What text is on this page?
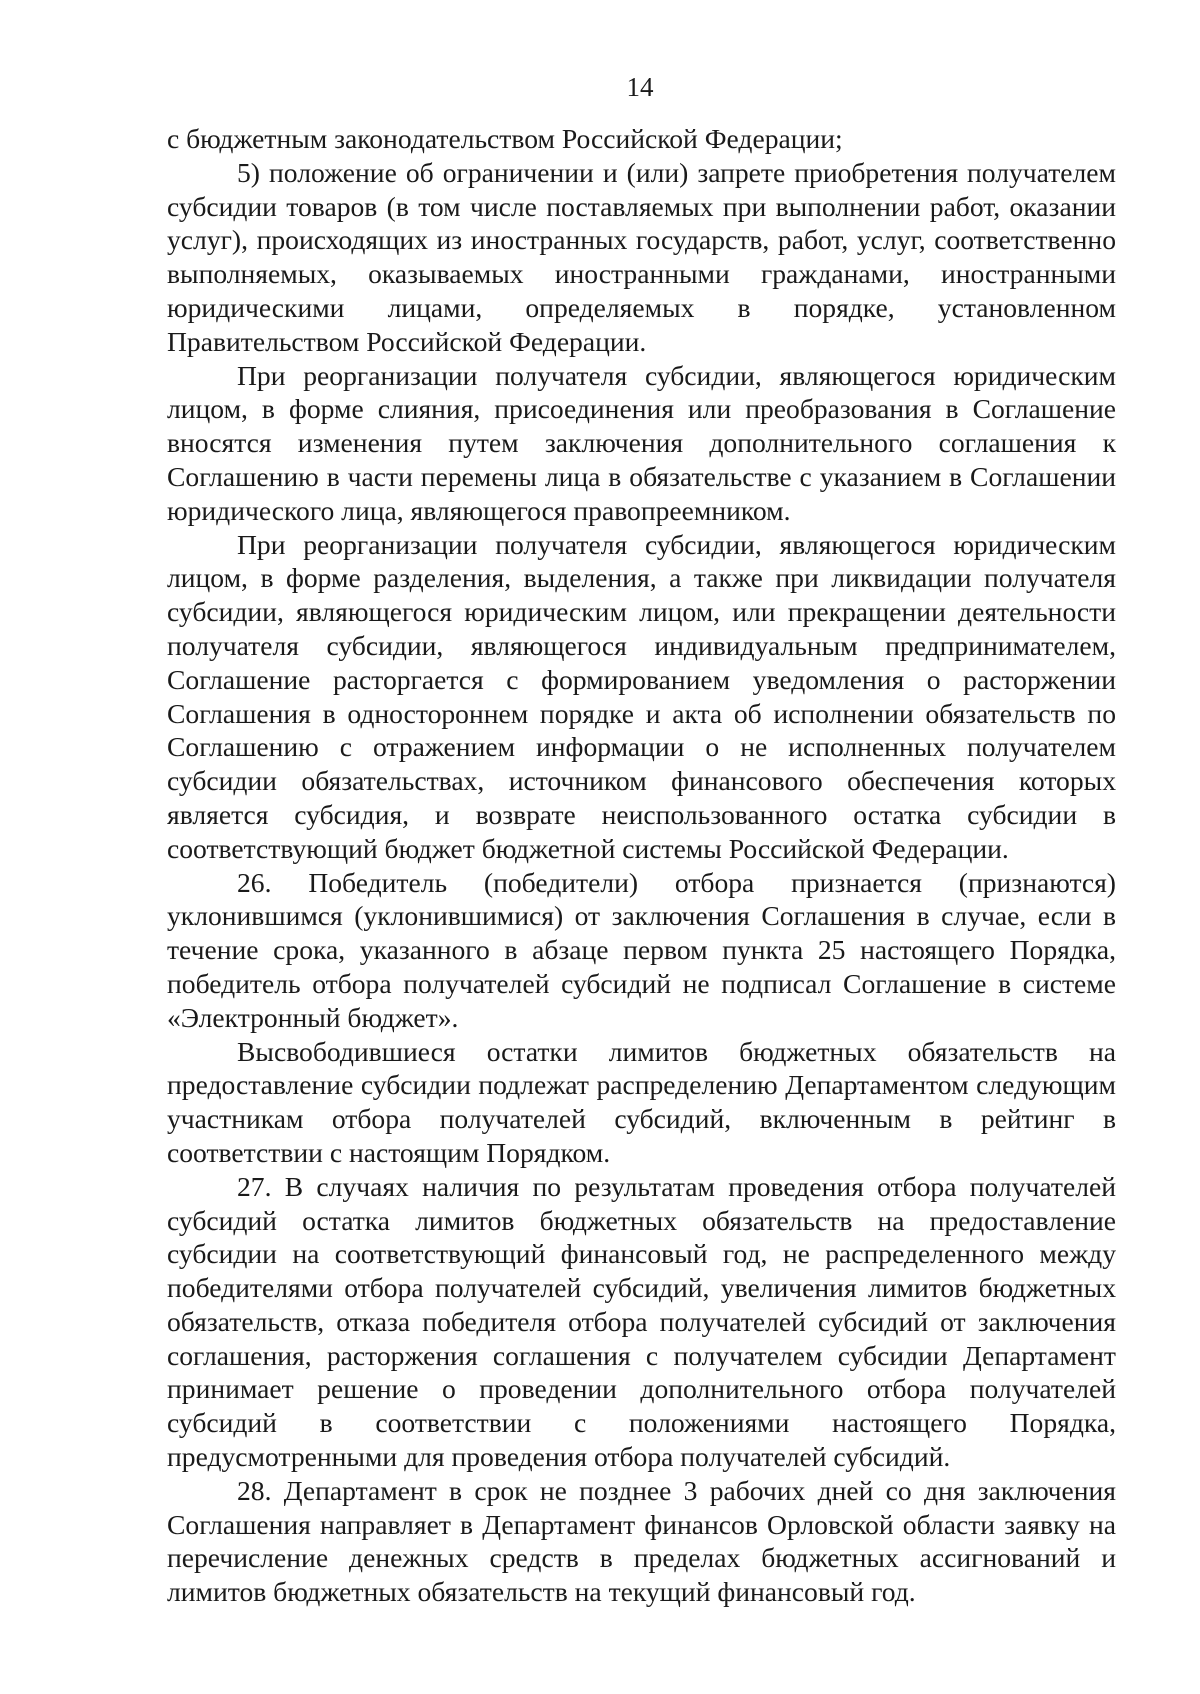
14

с бюджетным законодательством Российской Федерации;

5) положение об ограничении и (или) запрете приобретения получателем субсидии товаров (в том числе поставляемых при выполнении работ, оказании услуг), происходящих из иностранных государств, работ, услуг, соответственно выполняемых, оказываемых иностранными гражданами, иностранными юридическими лицами, определяемых в порядке, установленном Правительством Российской Федерации.

При реорганизации получателя субсидии, являющегося юридическим лицом, в форме слияния, присоединения или преобразования в Соглашение вносятся изменения путем заключения дополнительного соглашения к Соглашению в части перемены лица в обязательстве с указанием в Соглашении юридического лица, являющегося правопреемником.

При реорганизации получателя субсидии, являющегося юридическим лицом, в форме разделения, выделения, а также при ликвидации получателя субсидии, являющегося юридическим лицом, или прекращении деятельности получателя субсидии, являющегося индивидуальным предпринимателем, Соглашение расторгается с формированием уведомления о расторжении Соглашения в одностороннем порядке и акта об исполнении обязательств по Соглашению с отражением информации о не исполненных получателем субсидии обязательствах, источником финансового обеспечения которых является субсидия, и возврате неиспользованного остатка субсидии в соответствующий бюджет бюджетной системы Российской Федерации.

26. Победитель (победители) отбора признается (признаются) уклонившимся (уклонившимися) от заключения Соглашения в случае, если в течение срока, указанного в абзаце первом пункта 25 настоящего Порядка, победитель отбора получателей субсидий не подписал Соглашение в системе «Электронный бюджет».

Высвободившиеся остатки лимитов бюджетных обязательств на предоставление субсидии подлежат распределению Департаментом следующим участникам отбора получателей субсидий, включенным в рейтинг в соответствии с настоящим Порядком.

27. В случаях наличия по результатам проведения отбора получателей субсидий остатка лимитов бюджетных обязательств на предоставление субсидии на соответствующий финансовый год, не распределенного между победителями отбора получателей субсидий, увеличения лимитов бюджетных обязательств, отказа победителя отбора получателей субсидий от заключения соглашения, расторжения соглашения с получателем субсидии Департамент принимает решение о проведении дополнительного отбора получателей субсидий в соответствии с положениями настоящего Порядка, предусмотренными для проведения отбора получателей субсидий.

28. Департамент в срок не позднее 3 рабочих дней со дня заключения Соглашения направляет в Департамент финансов Орловской области заявку на перечисление денежных средств в пределах бюджетных ассигнований и лимитов бюджетных обязательств на текущий финансовый год.
